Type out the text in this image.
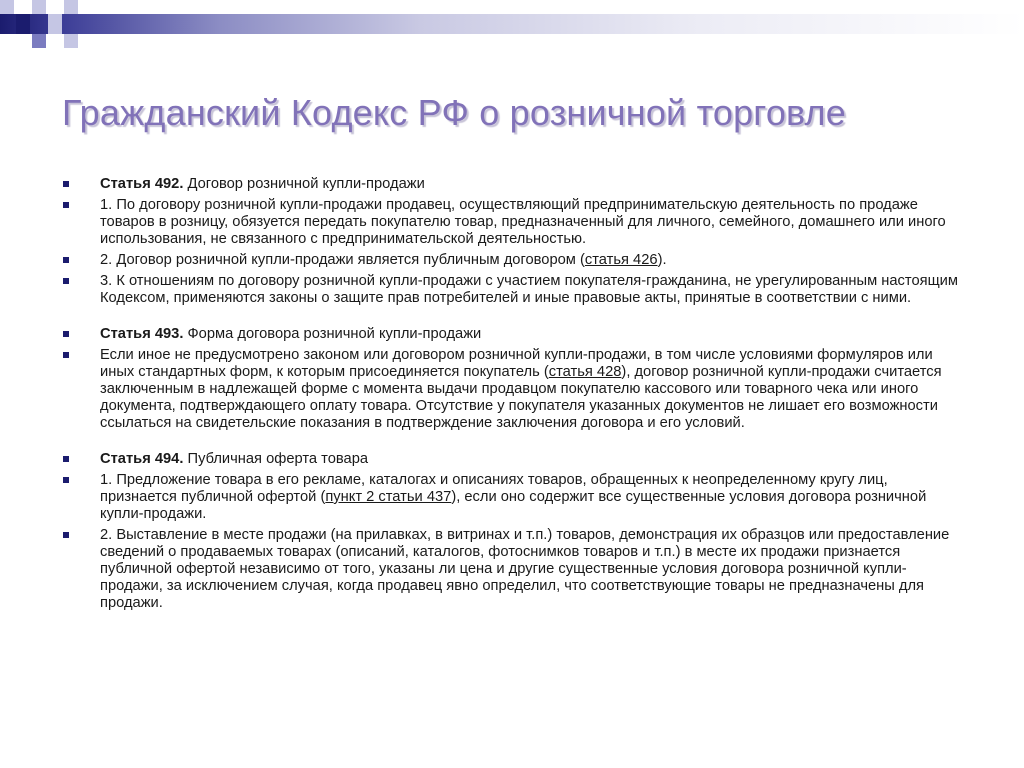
Гражданский Кодекс РФ о розничной торговле
Статья 492. Договор розничной купли-продажи
1. По договору розничной купли-продажи продавец, осуществляющий предпринимательскую деятельность по продаже товаров в розницу, обязуется передать покупателю товар, предназначенный для личного, семейного, домашнего или иного использования, не связанного с предпринимательской деятельностью.
2. Договор розничной купли-продажи является публичным договором (статья 426).
3. К отношениям по договору розничной купли-продажи с участием покупателя-гражданина, не урегулированным настоящим Кодексом, применяются законы о защите прав потребителей и иные правовые акты, принятые в соответствии с ними.
Статья 493. Форма договора розничной купли-продажи
Если иное не предусмотрено законом или договором розничной купли-продажи, в том числе условиями формуляров или иных стандартных форм, к которым присоединяется покупатель (статья 428), договор розничной купли-продажи считается заключенным в надлежащей форме с момента выдачи продавцом покупателю кассового или товарного чека или иного документа, подтверждающего оплату товара. Отсутствие у покупателя указанных документов не лишает его возможности ссылаться на свидетельские показания в подтверждение заключения договора и его условий.
Статья 494. Публичная оферта товара
1. Предложение товара в его рекламе, каталогах и описаниях товаров, обращенных к неопределенному кругу лиц, признается публичной офертой (пункт 2 статьи 437), если оно содержит все существенные условия договора розничной купли-продажи.
2. Выставление в месте продажи (на прилавках, в витринах и т.п.) товаров, демонстрация их образцов или предоставление сведений о продаваемых товарах (описаний, каталогов, фотоснимков товаров и т.п.) в месте их продажи признается публичной офертой независимо от того, указаны ли цена и другие существенные условия договора розничной купли-продажи, за исключением случая, когда продавец явно определил, что соответствующие товары не предназначены для продажи.
